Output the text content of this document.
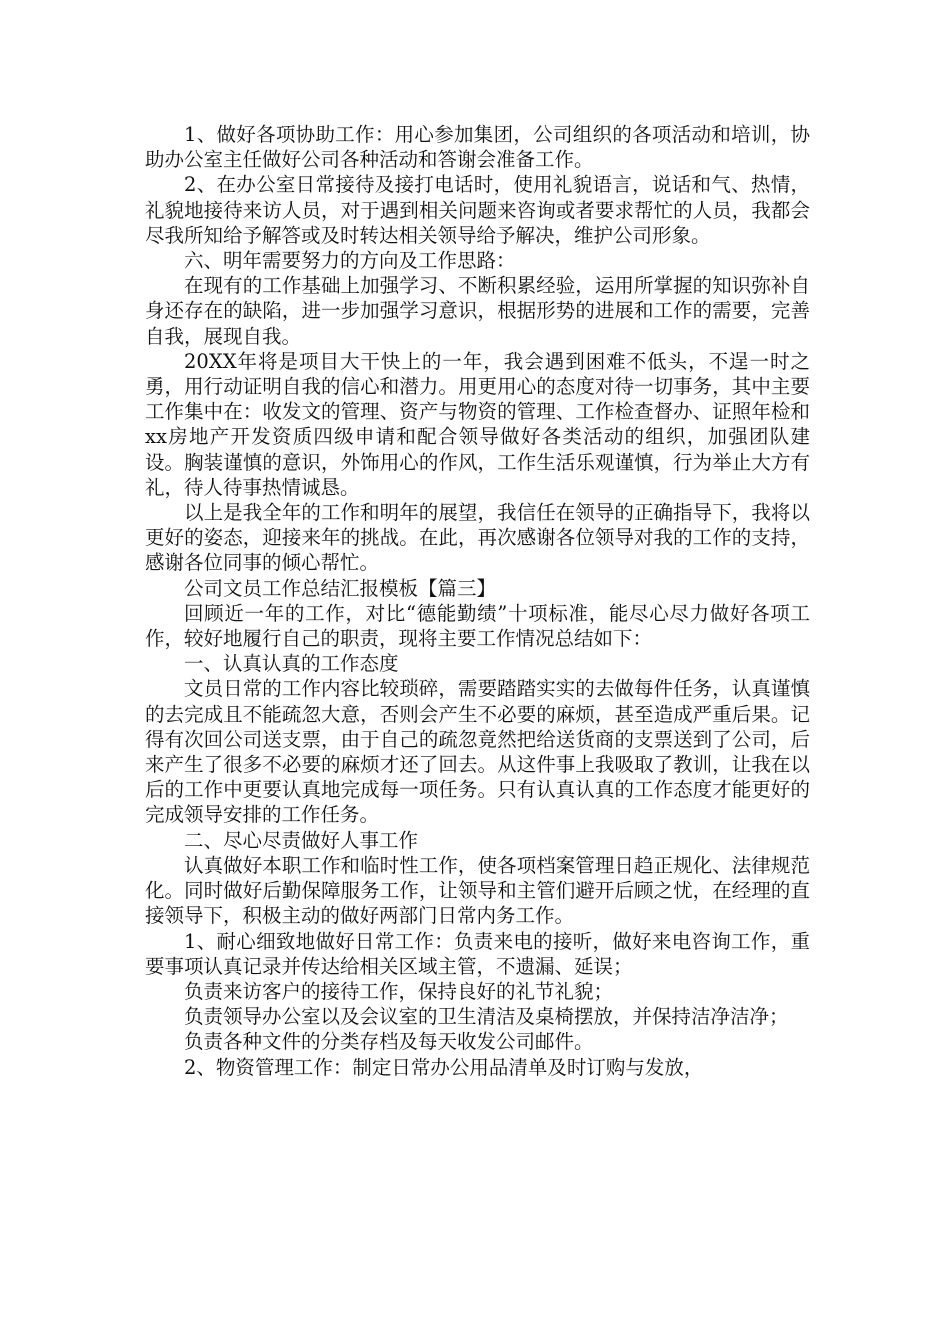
1、做好各项协助工作：用心参加集团，公司组织的各项活动和培训，协助办公室主任做好公司各种活动和答谢会准备工作。

2、在办公室日常接待及接打电话时，使用礼貌语言，说话和气、热情，礼貌地接待来访人员，对于遇到相关问题来咨询或者要求帮忙的人员，我都会尽我所知给予解答或及时转达相关领导给予解决，维护公司形象。

六、明年需要努力的方向及工作思路：

在现有的工作基础上加强学习、不断积累经验，运用所掌握的知识弥补自身还存在的缺陷，进一步加强学习意识，根据形势的进展和工作的需要，完善自我，展现自我。

20XX年将是项目大干快上的一年，我会遇到困难不低头，不逞一时之勇，用行动证明自我的信心和潜力。用更用心的态度对待一切事务，其中主要工作集中在：收发文的管理、资产与物资的管理、工作检查督办、证照年检和xx房地产开发资质四级申请和配合领导做好各类活动的组织，加强团队建设。胸装谨慎的意识，外饰用心的作风，工作生活乐观谨慎，行为举止大方有礼，待人待事热情诚恳。

以上是我全年的工作和明年的展望，我信任在领导的正确指导下，我将以更好的姿态，迎接来年的挑战。在此，再次感谢各位领导对我的工作的支持，感谢各位同事的倾心帮忙。

公司文员工作总结汇报模板【篇三】

回顾近一年的工作，对比“德能勤绩”十项标准，能尽心尽力做好各项工作，较好地履行自己的职责，现将主要工作情况总结如下：

一、认真认真的工作态度

文员日常的工作内容比较琐碎，需要踏踏实实的去做每件任务，认真谨慎的去完成且不能疏忽大意，否则会产生不必要的麻烦，甚至造成严重后果。记得有次回公司送支票，由于自己的疏忽竟然把给送货商的支票送到了公司，后来产生了很多不必要的麻烦才还了回去。从这件事上我吸取了教训，让我在以后的工作中更要认真地完成每一项任务。只有认真认真的工作态度才能更好的完成领导安排的工作任务。

二、尽心尽责做好人事工作

认真做好本职工作和临时性工作，使各项档案管理日趋正规化、法律规范化。同时做好后勤保障服务工作，让领导和主管们避开后顾之忧，在经理的直接领导下，积极主动的做好两部门日常内务工作。

1、耐心细致地做好日常工作：负责来电的接听，做好来电咨询工作，重要事项认真记录并传达给相关区域主管，不遗漏、延误；

负责来访客户的接待工作，保持良好的礼节礼貌；

负责领导办公室以及会议室的卫生清洁及桌椅摆放，并保持洁净洁净；

负责各种文件的分类存档及每天收发公司邮件。

2、物资管理工作：制定日常办公用品清单及时订购与发放，
